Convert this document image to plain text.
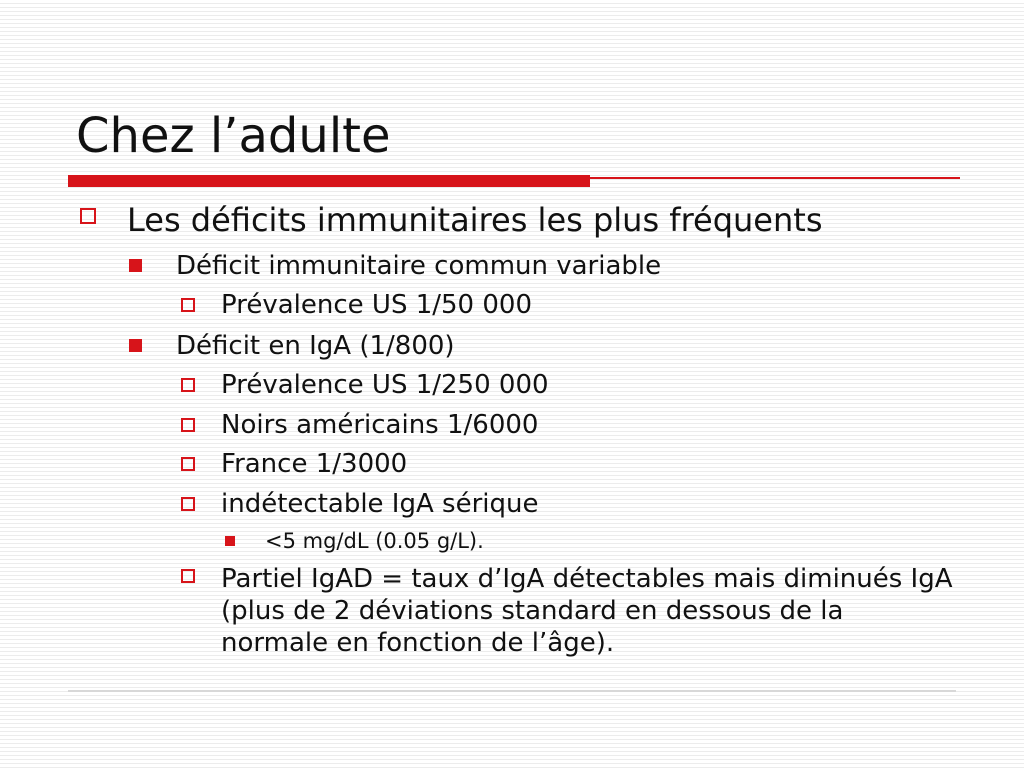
Chez l’adulte
Les déficits immunitaires les plus fréquents
Déficit immunitaire commun variable
Prévalence US 1/50 000
Déficit en IgA (1/800)
Prévalence US 1/250 000
Noirs américains 1/6000
France 1/3000
indétectable IgA sérique
<5 mg/dL (0.05 g/L).
Partiel IgAD = taux d’IgA détectables mais diminués IgA (plus de 2 déviations standard en dessous de la normale en fonction de l’âge).
